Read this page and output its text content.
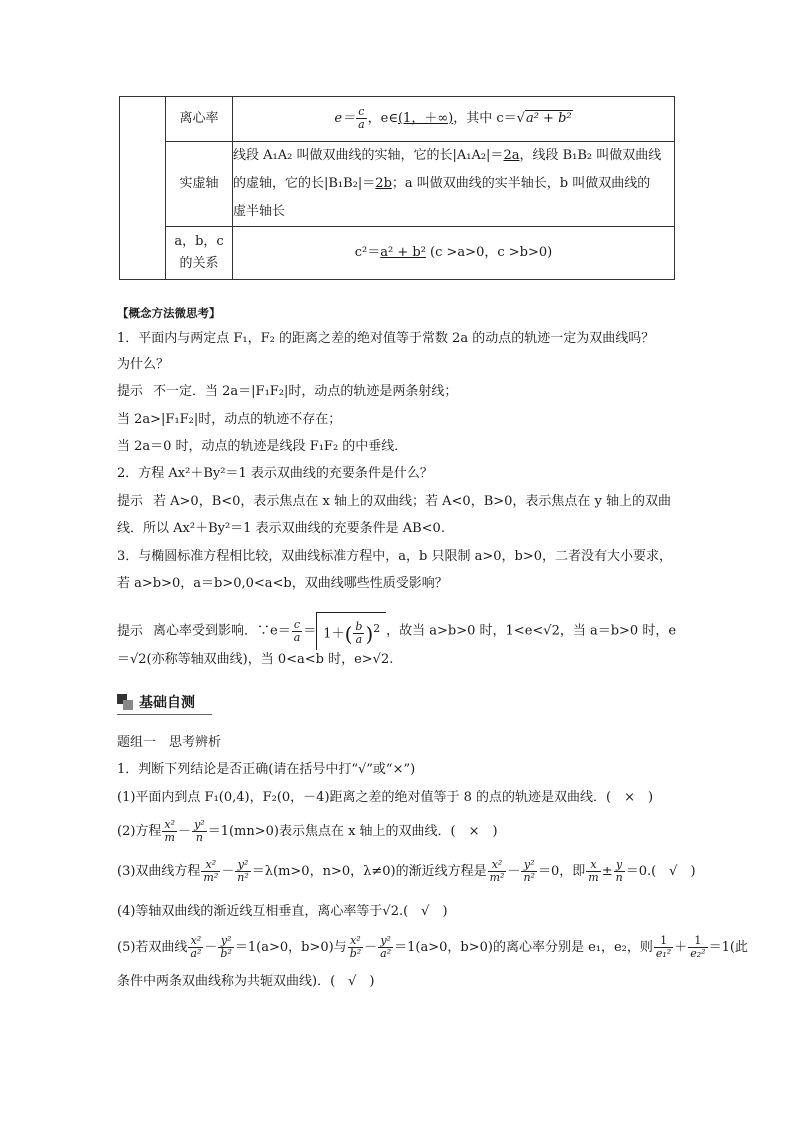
	离心率	$e= \frac{c}{a}$ ，e∈(1，＋∞)，其中 c＝√a² + b²
	实虚轴	线段 A₁A₂ 叫做双曲线的实轴，它的长|A₁A₂|＝2a，线段 B₁B₂ 叫做双曲线
的虚轴，它的长|B₁B₂|＝2b；a 叫做双曲线的实半轴长，b 叫做双曲线的
虚半轴长

	a，b，c
的关系	c²＝a² + b² (c >a>0，c >b>0)
【概念方法微思考】
1．平面内与两定点 F₁，F₂ 的距离之差的绝对值等于常数 2a 的动点的轨迹一定为双曲线吗？
为什么？
提示 不一定．当 2a＝|F₁F₂|时，动点的轨迹是两条射线；
当 2a>|F₁F₂|时，动点的轨迹不存在；
当 2a＝0 时，动点的轨迹是线段 F₁F₂ 的中垂线．
2．方程 Ax²＋By²＝1 表示双曲线的充要条件是什么？
提示 若 A>0，B<0，表示焦点在 x 轴上的双曲线；若 A<0，B>0，表示焦点在 y 轴上的双曲
线．所以 Ax²＋By²＝1 表示双曲线的充要条件是 AB<0.
3．与椭圆标准方程相比较，双曲线标准方程中，a，b 只限制 a>0，b>0，二者没有大小要求，
若 a>b>0，a＝b>0,0<a<b，双曲线哪些性质受影响？
提示 离心率受到影响．∵e＝ $\frac{c}{a} = 1+( \frac{b}{a} )^2$ ，故当 a>b>0 时，1<e<√2，当 a＝b>0 时，e
＝√2(亦称等轴双曲线)，当 0<a<b 时，e>√2.
基础自测
题组一　思考辨析
1．判断下列结论是否正确(请在括号中打“√”或“×”)
(1)平面内到点 F₁(0,4)，F₂(0，－4)距离之差的绝对值等于 8 的点的轨迹是双曲线．(　×　)
(2)方程 $\frac{\text{x²}}{m} - \frac{\text{y²}}{n} =1(mn>0)$表示焦点在 x 轴上的双曲线．(　×　)
(3)双曲线方程 $\frac{\text{x²}}{\text{m²}} - \frac{\text{y²}}{\text{n²}} =\lambda(m>0$，n>0，λ≠0)的渐近线方程是 $\frac{\text{x²}}{\text{m²}} - \frac{\text{y²}}{\text{n²}} =0$，即 $\frac{x}{m} \pm \frac{y}{n} =0$.(　√　)
(4)等轴双曲线的渐近线互相垂直，离心率等于√2.(　√　)
(5)若双曲线 $\frac{\text{x²}}{\text{a²}} - \frac{\text{y²}}{\text{b²}} =1(a>0$，b>0)与 $\frac{\text{x²}}{\text{b²}} - \frac{\text{y²}}{\text{a²}} =1(a>0$，b>0)的离心率分别是 e₁，e₂，则 $\frac{1}{\text{e₁²}} + \frac{1}{\text{e₂²}} =1$(此
条件中两条双曲线称为共轭双曲线)．(　√　)
